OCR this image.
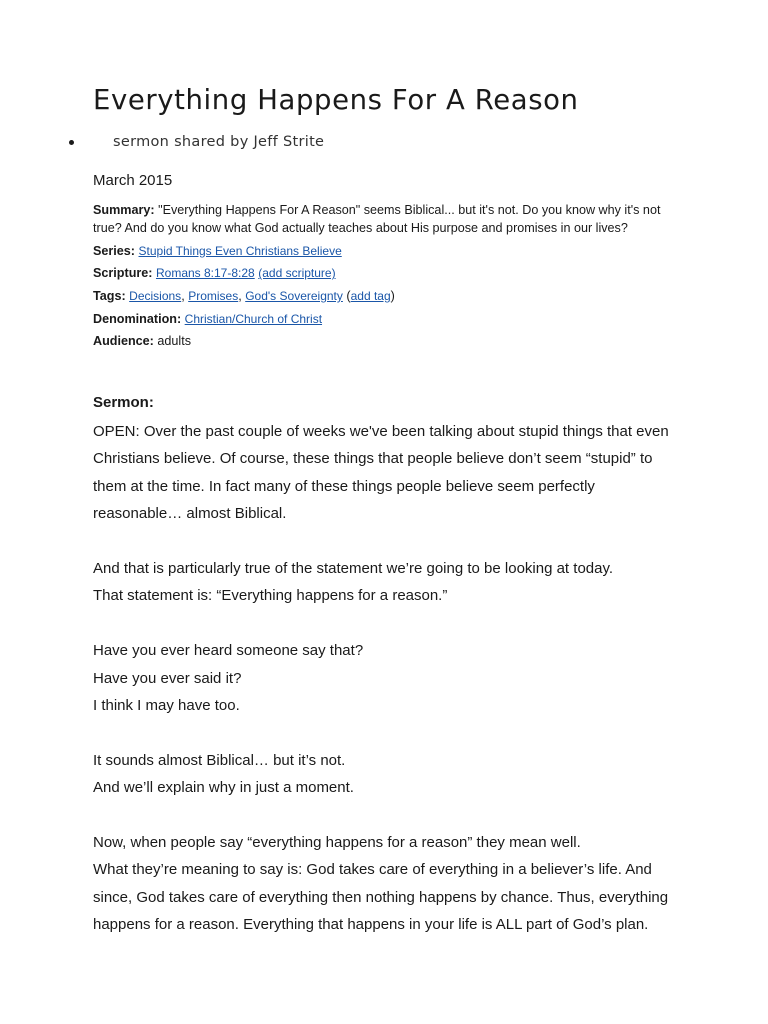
Everything Happens For A Reason
sermon shared by Jeff Strite
March 2015
Summary: "Everything Happens For A Reason" seems Biblical... but it's not. Do you know why it's not true? And do you know what God actually teaches about His purpose and promises in our lives?
Series: Stupid Things Even Christians Believe
Scripture: Romans 8:17-8:28 (add scripture)
Tags: Decisions, Promises, God's Sovereignty (add tag)
Denomination: Christian/Church of Christ
Audience: adults
Sermon:

OPEN: Over the past couple of weeks we've been talking about stupid things that even Christians believe. Of course, these things that people believe don’t seem “stupid” to them at the time. In fact many of these things people believe seem perfectly reasonable… almost Biblical.

And that is particularly true of the statement we’re going to be looking at today.

That statement is: “Everything happens for a reason.”

Have you ever heard someone say that?

Have you ever said it?

I think I may have too.

It sounds almost Biblical… but it’s not.

And we’ll explain why in just a moment.

Now, when people say “everything happens for a reason” they mean well.

What they’re meaning to say is: God takes care of everything in a believer’s life. And since, God takes care of everything then nothing happens by chance. Thus, everything happens for a reason. Everything that happens in your life is ALL part of God’s plan.
